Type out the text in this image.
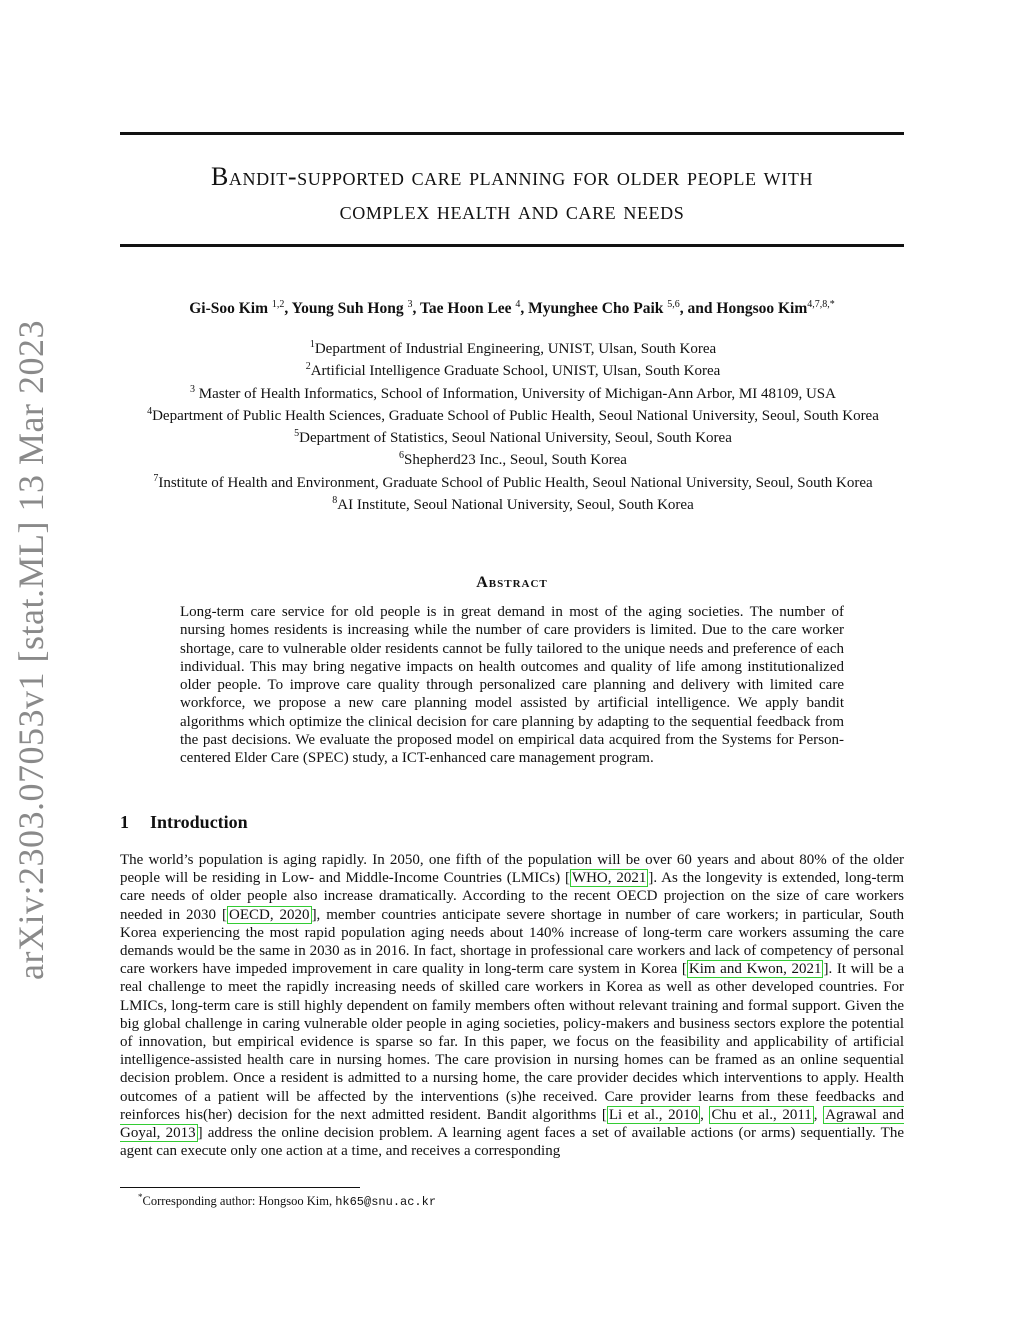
arXiv:2303.07053v1 [stat.ML] 13 Mar 2023
Bandit-supported care planning for older people with
complex health and care needs
Gi-Soo Kim $^{1,2}$, Young Suh Hong $^3$, Tae Hoon Lee $^4$, Myunghee Cho Paik $^{5,6}$, and Hongsoo Kim$^{4,7,8,*}$
$^1$Department of Industrial Engineering, UNIST, Ulsan, South Korea
$^2$Artificial Intelligence Graduate School, UNIST, Ulsan, South Korea
$^3$ Master of Health Informatics, School of Information, University of Michigan-Ann Arbor, MI 48109, USA
$^4$Department of Public Health Sciences, Graduate School of Public Health, Seoul National University, Seoul, South Korea
$^5$Department of Statistics, Seoul National University, Seoul, South Korea
$^6$Shepherd23 Inc., Seoul, South Korea
$^7$Institute of Health and Environment, Graduate School of Public Health, Seoul National University, Seoul, South Korea
$^8$AI Institute, Seoul National University, Seoul, South Korea
Abstract
Long-term care service for old people is in great demand in most of the aging societies. The number of nursing homes residents is increasing while the number of care providers is limited. Due to the care worker shortage, care to vulnerable older residents cannot be fully tailored to the unique needs and preference of each individual. This may bring negative impacts on health outcomes and quality of life among institutionalized older people. To improve care quality through personalized care planning and delivery with limited care workforce, we propose a new care planning model assisted by artificial intelligence. We apply bandit algorithms which optimize the clinical decision for care planning by adapting to the sequential feedback from the past decisions. We evaluate the proposed model on empirical data acquired from the Systems for Person-centered Elder Care (SPEC) study, a ICT-enhanced care management program.
1 Introduction
The world’s population is aging rapidly. In 2050, one fifth of the population will be over 60 years and about 80% of the older people will be residing in Low- and Middle-Income Countries (LMICs) [ WHO, 2021 ]. As the longevity is extended, long-term care needs of older people also increase dramatically. According to the recent OECD projection on the size of care workers needed in 2030 [ OECD, 2020 ], member countries anticipate severe shortage in number of care workers; in particular, South Korea experiencing the most rapid population aging needs about 140% increase of long-term care workers assuming the care demands would be the same in 2030 as in 2016. In fact, shortage in professional care workers and lack of competency of personal care workers have impeded improvement in care quality in long-term care system in Korea [ Kim and Kwon, 2021 ]. It will be a real challenge to meet the rapidly increasing needs of skilled care workers in Korea as well as other developed countries. For LMICs, long-term care is still highly dependent on family members often without relevant training and formal support. Given the big global challenge in caring vulnerable older people in aging societies, policy-makers and business sectors explore the potential of innovation, but empirical evidence is sparse so far. In this paper, we focus on the feasibility and applicability of artificial intelligence-assisted health care in nursing homes. The care provision in nursing homes can be framed as an online sequential decision problem. Once a resident is admitted to a nursing home, the care provider decides which interventions to apply. Health outcomes of a patient will be affected by the interventions (s)he received. Care provider learns from these feedbacks and reinforces his(her) decision for the next admitted resident. Bandit algorithms [ Li et al., 2010 , Chu et al., 2011 , Agrawal and Goyal, 2013 ] address the online decision problem. A learning agent faces a set of available actions (or arms) sequentially. The agent can execute only one action at a time, and receives a corresponding
*Corresponding author: Hongsoo Kim, hk65@snu.ac.kr
